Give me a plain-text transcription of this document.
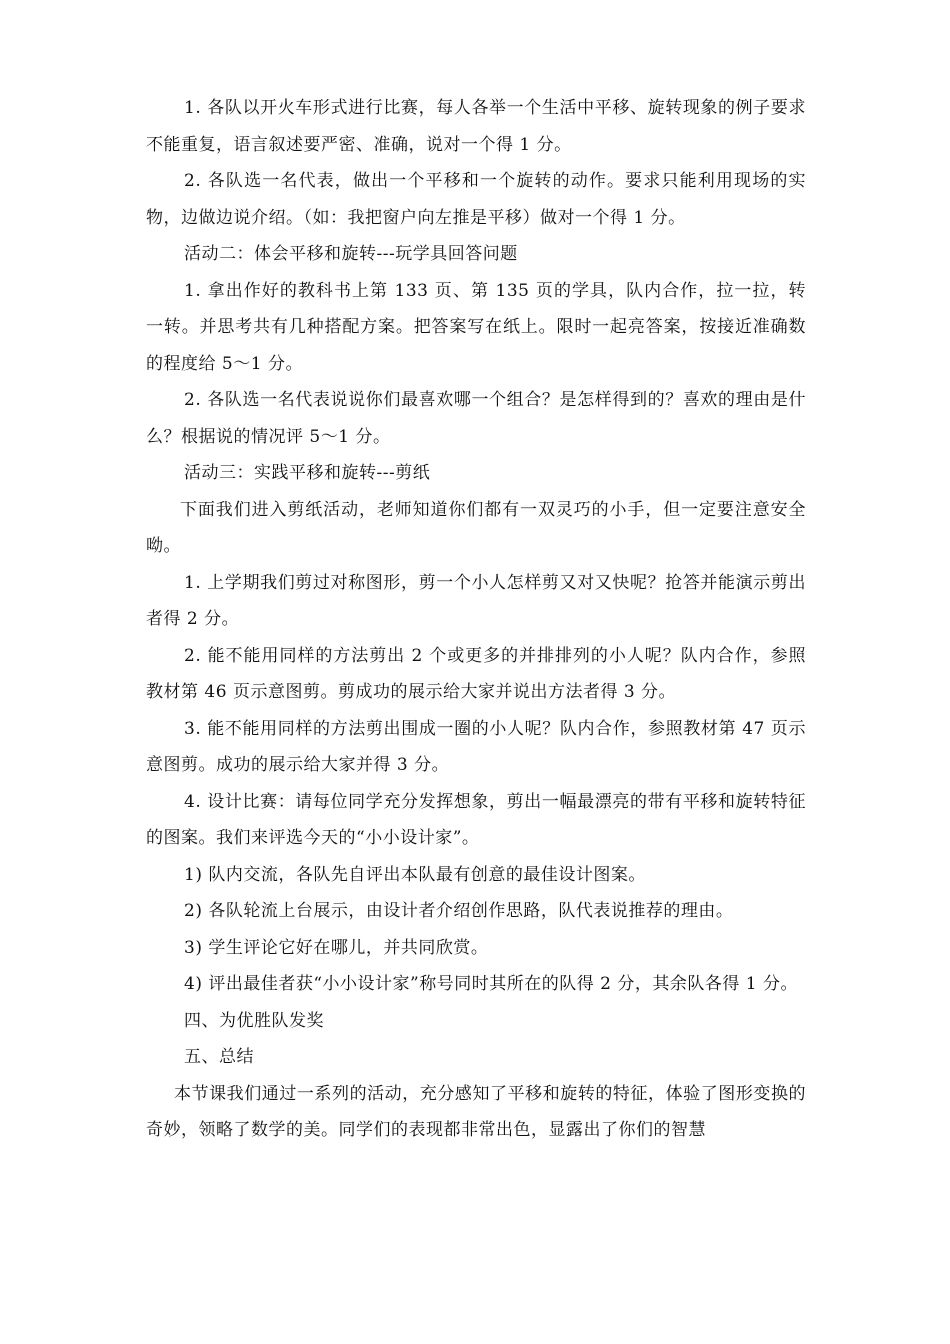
1. 各队以开火车形式进行比赛，每人各举一个生活中平移、旋转现象的例子要求不能重复，语言叙述要严密、准确，说对一个得 1 分。

2. 各队选一名代表，做出一个平移和一个旋转的动作。要求只能利用现场的实物，边做边说介绍。（如：我把窗户向左推是平移）做对一个得 1 分。

活动二：体会平移和旋转---玩学具回答问题

1. 拿出作好的教科书上第 133 页、第 135 页的学具，队内合作，拉一拉，转一转。并思考共有几种搭配方案。把答案写在纸上。限时一起亮答案，按接近准确数的程度给 5～1 分。

2. 各队选一名代表说说你们最喜欢哪一个组合？是怎样得到的？喜欢的理由是什么？根据说的情况评 5～1 分。

活动三：实践平移和旋转---剪纸

下面我们进入剪纸活动，老师知道你们都有一双灵巧的小手，但一定要注意安全呦。

1. 上学期我们剪过对称图形，剪一个小人怎样剪又对又快呢？抢答并能演示剪出者得 2 分。

2. 能不能用同样的方法剪出 2 个或更多的并排排列的小人呢？队内合作，参照教材第 46 页示意图剪。剪成功的展示给大家并说出方法者得 3 分。

3. 能不能用同样的方法剪出围成一圈的小人呢？队内合作，参照教材第 47 页示意图剪。成功的展示给大家并得 3 分。

4. 设计比赛：请每位同学充分发挥想象，剪出一幅最漂亮的带有平移和旋转特征的图案。我们来评选今天的“小小设计家”。

1) 队内交流，各队先自评出本队最有创意的最佳设计图案。

2) 各队轮流上台展示，由设计者介绍创作思路，队代表说推荐的理由。

3) 学生评论它好在哪儿，并共同欣赏。

4) 评出最佳者获“小小设计家”称号同时其所在的队得 2 分，其余队各得 1 分。

四、为优胜队发奖

五、总结

本节课我们通过一系列的活动，充分感知了平移和旋转的特征，体验了图形变换的奇妙，领略了数学的美。同学们的表现都非常出色，显露出了你们的智慧
